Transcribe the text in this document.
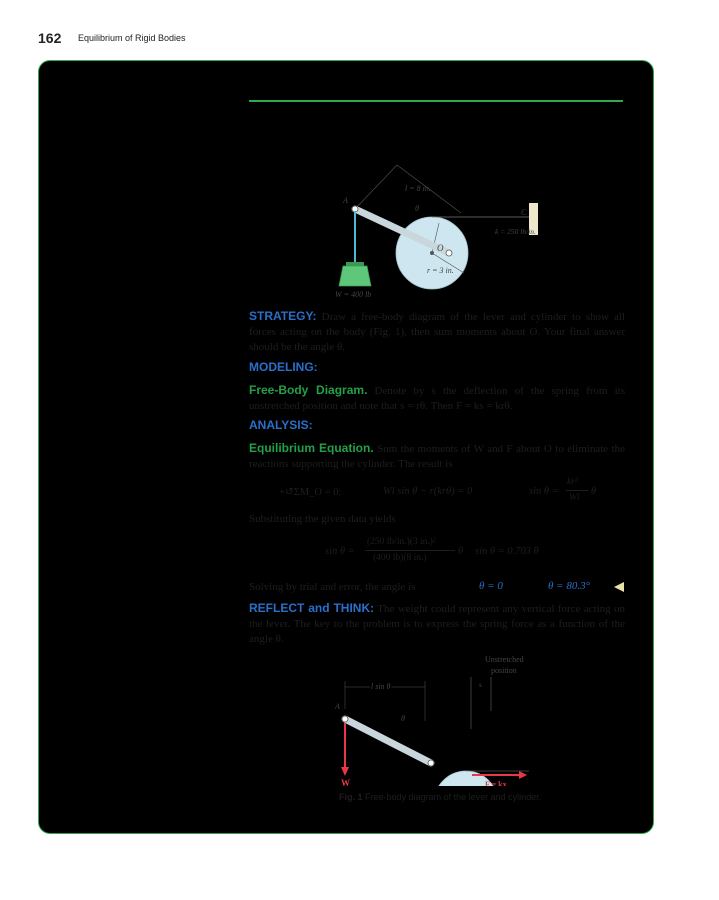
162 Equilibrium of Rigid Bodies
l = 8 in.
C
k = 250 lb/in.
A
θ
O
r = 3 in.
W = 400 lb
STRATEGY: Draw a free-body diagram of the lever and cylinder to show all forces acting on the body (Fig. 1), then sum moments about O. Your final answer should be the angle θ.
MODELING:
Free-Body Diagram. Denote by s the deflection of the spring from its unstretched position and note that s = rθ. Then F = ks = krθ.
ANALYSIS:
Equilibrium Equation. Sum the moments of W and F about O to eliminate the reactions supporting the cylinder. The result is
+↺ΣM_O = 0:	Wl sin θ − r(krθ) = 0	sin θ =
kr²
Wl
θ
Substituting the given data yields
sin θ =
(250 lb/in.)(3 in.)²
(400 lb)(8 in.)
θ sin θ = 0.703 θ
Solving by trial and error, the angle is	θ = 0	θ = 80.3°
REFLECT and THINK: The weight could represent any vertical force acting on the lever. The key to the problem is to express the spring force as a function of the angle θ.
Unstretched
position
l sin θ
A
s
θ
F = kx
W
Fig. 1 Free-body diagram of the lever and cylinder.
